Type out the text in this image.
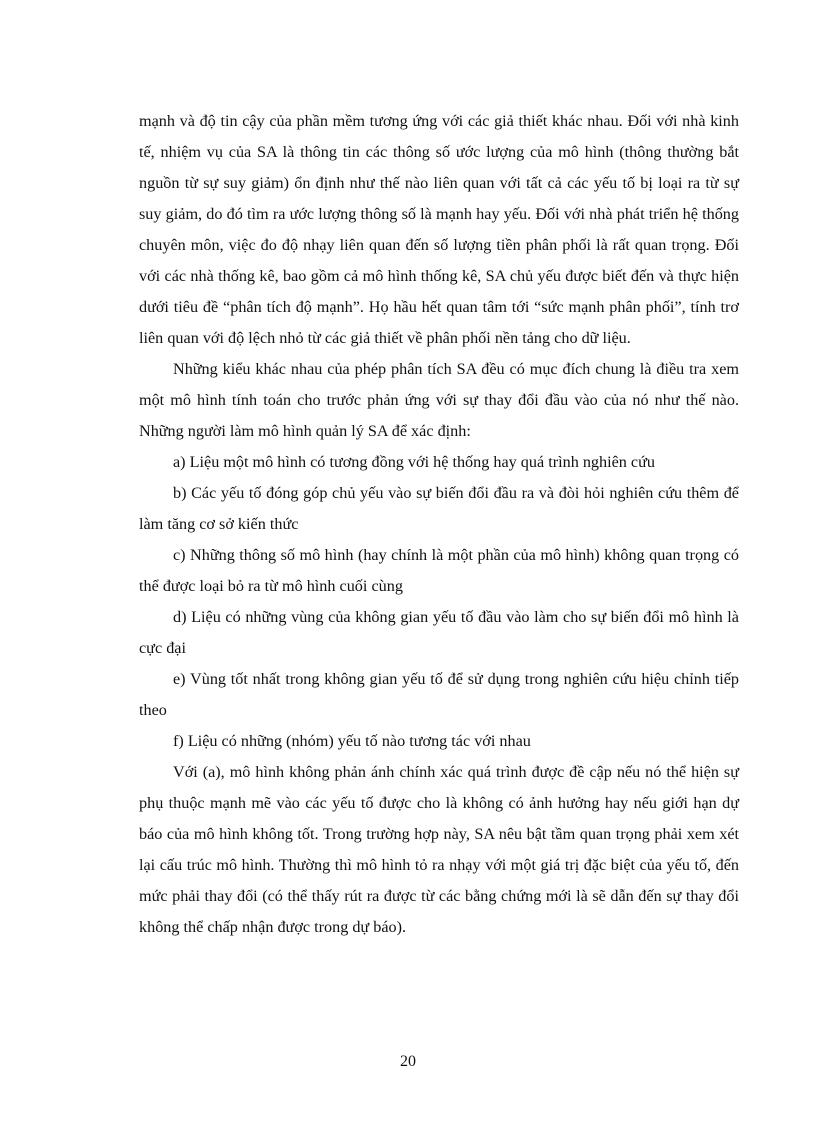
mạnh và độ tin cậy của phần mềm tương ứng với các giả thiết khác nhau. Đối với nhà kinh tế, nhiệm vụ của SA là thông tin các thông số ước lượng của mô hình (thông thường bắt nguồn từ sự suy giảm) ổn định như thế nào liên quan với tất cả các yếu tố bị loại ra từ sự suy giảm, do đó tìm ra ước lượng thông số là mạnh hay yếu. Đối với nhà phát triển hệ thống chuyên môn, việc đo độ nhạy liên quan đến số lượng tiền phân phối là rất quan trọng. Đối với các nhà thống kê, bao gồm cả mô hình thống kê, SA chủ yếu được biết đến và thực hiện dưới tiêu đề “phân tích độ mạnh”. Họ hầu hết quan tâm tới “sức mạnh phân phối”, tính trơ liên quan với độ lệch nhỏ từ các giả thiết về phân phối nền tảng cho dữ liệu.

Những kiểu khác nhau của phép phân tích SA đều có mục đích chung là điều tra xem một mô hình tính toán cho trước phản ứng với sự thay đổi đầu vào của nó như thế nào. Những người làm mô hình quản lý SA để xác định:

a) Liệu một mô hình có tương đồng với hệ thống hay quá trình nghiên cứu

b) Các yếu tố đóng góp chủ yếu vào sự biến đổi đầu ra và đòi hỏi nghiên cứu thêm để làm tăng cơ sở kiến thức

c) Những thông số mô hình (hay chính là một phần của mô hình) không quan trọng có thể được loại bỏ ra từ mô hình cuối cùng

d) Liệu có những vùng của không gian yếu tố đầu vào làm cho sự biến đổi mô hình là cực đại

e) Vùng tốt nhất trong không gian yếu tố để sử dụng trong nghiên cứu hiệu chỉnh tiếp theo

f) Liệu có những (nhóm) yếu tố nào tương tác với nhau

Với (a), mô hình không phản ánh chính xác quá trình được đề cập nếu nó thể hiện sự phụ thuộc mạnh mẽ vào các yếu tố được cho là không có ảnh hưởng hay nếu giới hạn dự báo của mô hình không tốt. Trong trường hợp này, SA nêu bật tầm quan trọng phải xem xét lại cấu trúc mô hình. Thường thì mô hình tỏ ra nhạy với một giá trị đặc biệt của yếu tố, đến mức phải thay đổi (có thể thấy rút ra được từ các bằng chứng mới là sẽ dẫn đến sự thay đổi không thể chấp nhận được trong dự báo).

20
